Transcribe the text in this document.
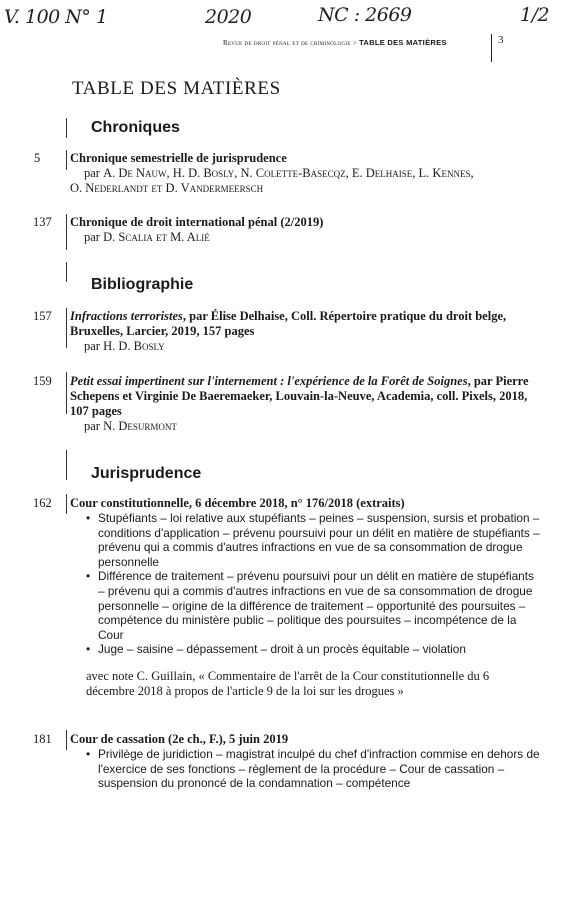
V. 100 N° 1	2020	NC : 2669	1/2
Revue de droit pénal et de criminologie > TABLE DES MATIÈRES	3
TABLE DES MATIÈRES
Chroniques
5 Chronique semestrielle de jurisprudence
par A. De Nauw, H. D. Bosly, N. Colette-Basecqz, E. Delhaise, L. Kennes,
O. Nederlandt et D. Vandermeersch
137 Chronique de droit international pénal (2/2019)
par D. Scalia et M. Alié
Bibliographie
157 Infractions terroristes, par Élise Delhaise, Coll. Répertoire pratique du droit belge, Bruxelles, Larcier, 2019, 157 pages
par H. D. Bosly
159 Petit essai impertinent sur l'internement : l'expérience de la Forêt de Soignes, par Pierre Schepens et Virginie De Baeremaeker, Louvain-la-Neuve, Academia, coll. Pixels, 2018, 107 pages
par N. Desurmont
Jurisprudence
162 Cour constitutionnelle, 6 décembre 2018, n° 176/2018 (extraits)
• Stupéfiants – loi relative aux stupéfiants – peines – suspension, sursis et probation – conditions d'application – prévenu poursuivi pour un délit en matière de stupéfiants – prévenu qui a commis d'autres infractions en vue de sa consommation de drogue personnelle
• Différence de traitement – prévenu poursuivi pour un délit en matière de stupéfiants – prévenu qui a commis d'autres infractions en vue de sa consommation de drogue personnelle – origine de la différence de traitement – opportunité des poursuites – compétence du ministère public – politique des poursuites – incompétence de la Cour
• Juge – saisine – dépassement – droit à un procès équitable – violation
avec note C. Guillain, « Commentaire de l'arrêt de la Cour constitutionnelle du 6 décembre 2018 à propos de l'article 9 de la loi sur les drogues »
181 Cour de cassation (2e ch., F.), 5 juin 2019
• Privilège de juridiction – magistrat inculpé du chef d'infraction commise en dehors de l'exercice de ses fonctions – règlement de la procédure – Cour de cassation – suspension du prononcé de la condamnation – compétence
